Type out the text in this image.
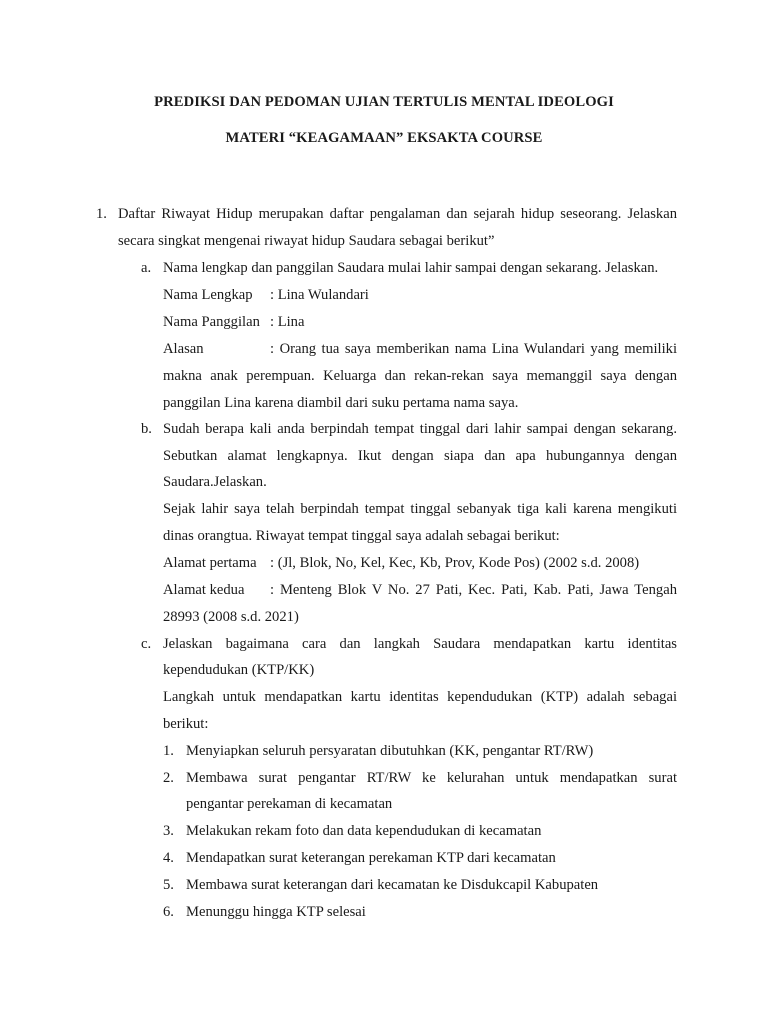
PREDIKSI DAN PEDOMAN UJIAN TERTULIS MENTAL IDEOLOGI
MATERI “KEAGAMAAN” EKSAKTA COURSE
1. Daftar Riwayat Hidup merupakan daftar pengalaman dan sejarah hidup seseorang. Jelaskan
secara singkat mengenai riwayat hidup Saudara sebagai berikut”
a. Nama lengkap dan panggilan Saudara mulai lahir sampai dengan sekarang. Jelaskan.
Nama Lengkap : Lina Wulandari
Nama Panggilan : Lina
Alasan	: Orang tua saya memberikan nama Lina Wulandari yang memiliki
makna anak perempuan. Keluarga dan rekan-rekan saya memanggil saya dengan
panggilan Lina karena diambil dari suku pertama nama saya.
b. Sudah berapa kali anda berpindah tempat tinggal dari lahir sampai dengan sekarang.
Sebutkan alamat lengkapnya. Ikut dengan siapa dan apa hubungannya dengan
Saudara.Jelaskan.
Sejak lahir saya telah berpindah tempat tinggal sebanyak tiga kali karena mengikuti
dinas orangtua. Riwayat tempat tinggal saya adalah sebagai berikut:
Alamat pertama : (Jl, Blok, No, Kel, Kec, Kb, Prov, Kode Pos) (2002 s.d. 2008)
Alamat kedua : Menteng Blok V No. 27 Pati, Kec. Pati, Kab. Pati, Jawa Tengah
28993 (2008 s.d. 2021)
c. Jelaskan bagaimana cara dan langkah Saudara mendapatkan kartu identitas
kependudukan (KTP/KK)
Langkah untuk mendapatkan kartu identitas kependudukan (KTP) adalah sebagai
berikut:
1. Menyiapkan seluruh persyaratan dibutuhkan (KK, pengantar RT/RW)
2. Membawa surat pengantar RT/RW ke kelurahan untuk mendapatkan surat
pengantar perekaman di kecamatan
3. Melakukan rekam foto dan data kependudukan di kecamatan
4. Mendapatkan surat keterangan perekaman KTP dari kecamatan
5. Membawa surat keterangan dari kecamatan ke Disdukcapil Kabupaten
6. Menunggu hingga KTP selesai
